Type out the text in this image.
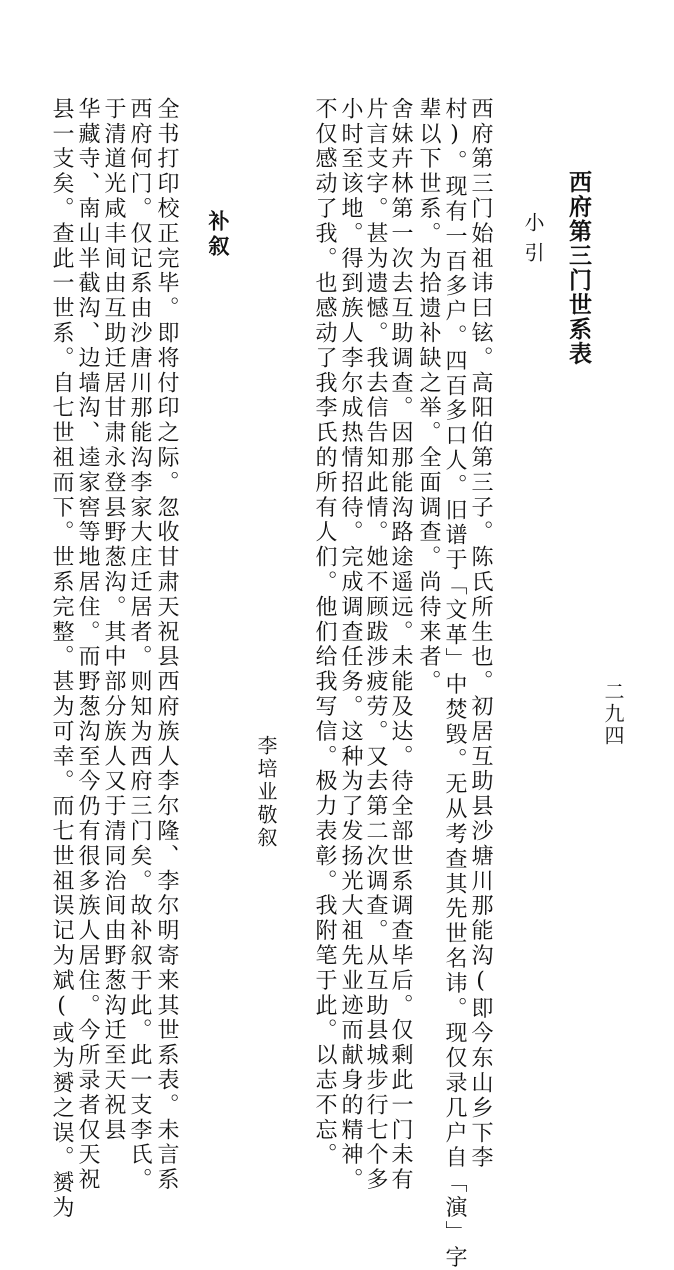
西府第三门世系表
小引
西府第三门始祖讳曰铉。高阳伯第三子。陈氏所生也。初居互助县沙塘川那能沟(即今东山乡下李
村)。现有一百多户。四百多口人。旧谱于「文革」中焚毁。无从考查其先世名讳。现仅录几户自「演」字
辈以下世系。为拾遗补缺之举。全面调查。尚待来者。
舍妹卉林第一次去互助调查。因那能沟路途遥远。未能及达。待全部世系调查毕后。仅剩此一门未有
片言支字。甚为遗憾。我去信告知此情。她不顾跋涉疲劳。又去第二次调查。从互助县城步行七个多
小时至该地。得到族人李尔成热情招待。完成调查任务。这种为了发扬光大祖先业迹而献身的精神。
不仅感动了我。也感动了我李氏的所有人们。他们给我写信。极力表彰。我附笔于此。以志不忘。
李培业敬叙
补叙
全书打印校正完毕。即将付印之际。忽收甘肃天祝县西府族人李尔隆、李尔明寄来其世系表。未言系
西府何门。仅记系由沙唐川那能沟李家大庄迁居者。则知为西府三门矣。故补叙于此。此一支李氏。
于清道光咸丰间由互助迁居甘肃永登县野葱沟。其中部分族人又于清同治间由野葱沟迁至天祝县
华藏寺、南山半截沟、边墙沟、逵家窖等地居住。而野葱沟至今仍有很多族人居住。今所录者仅天祝
县一支矣。查此一世系。自七世祖而下。世系完整。甚为可幸。而七世祖误记为斌(或为赟之误。赟为	二九四
